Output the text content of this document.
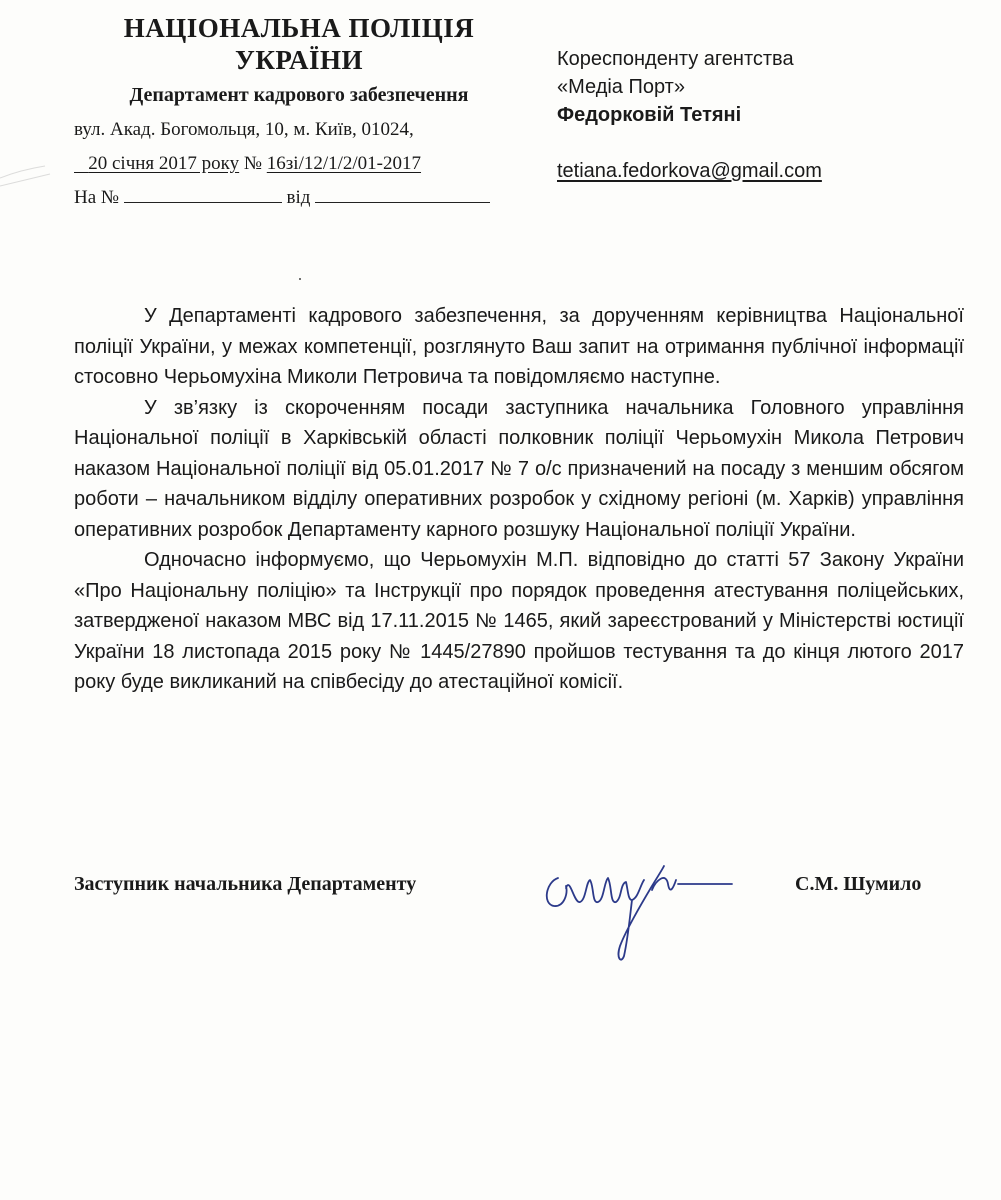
НАЦІОНАЛЬНА ПОЛІЦІЯ
УКРАЇНИ
Департамент кадрового забезпечення
вул. Акад. Богомольця, 10, м. Київ, 01024,
20 січня 2017 року № 16зі/12/1/2/01-2017
На №	від
Кореспонденту агентства
«Медіа Порт»
Федорковій Тетяні
tetiana.fedorkova@gmail.com

У Департаменті кадрового забезпечення, за дорученням керівництва Національної поліції України, у межах компетенції, розглянуто Ваш запит на отримання публічної інформації стосовно Черьомухіна Миколи Петровича та повідомляємо наступне.

У зв’язку із скороченням посади заступника начальника Головного управління Національної поліції в Харківській області полковник поліції Черьомухін Микола Петрович наказом Національної поліції від 05.01.2017 № 7 о/с призначений на посаду з меншим обсягом роботи – начальником відділу оперативних розробок у східному регіоні (м. Харків) управління оперативних розробок Департаменту карного розшуку Національної поліції України.

Одночасно інформуємо, що Черьомухін М.П. відповідно до статті 57 Закону України «Про Національну поліцію» та Інструкції про порядок проведення атестування поліцейських, затвердженої наказом МВС від 17.11.2015 № 1465, який зареєстрований у Міністерстві юстиції України 18 листопада 2015 року № 1445/27890 пройшов тестування та до кінця лютого 2017 року буде викликаний на співбесіду до атестаційної комісії.

Заступник начальника Департаменту	С.М. Шумило
